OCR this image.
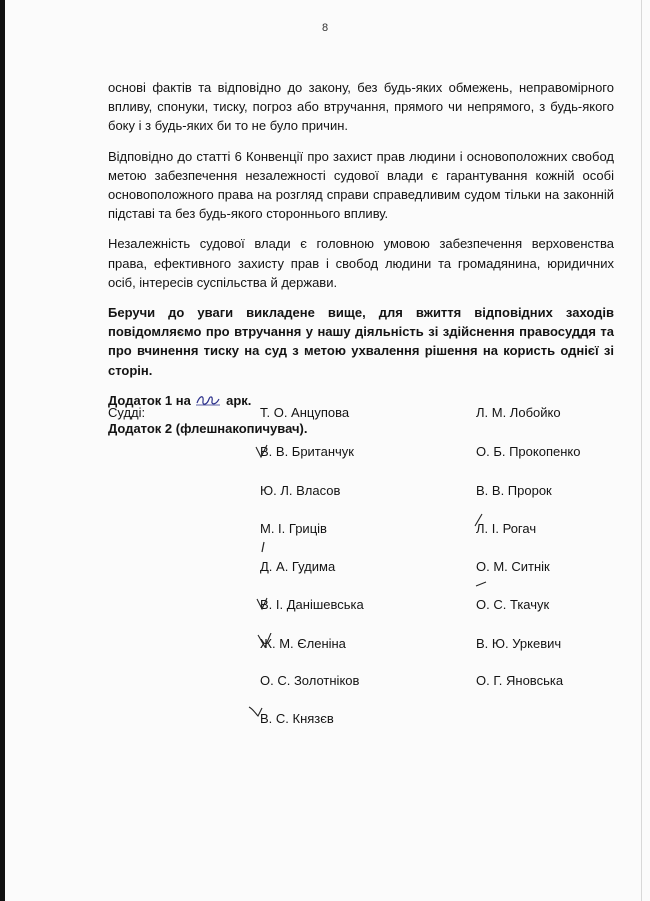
8

основі фактів та відповідно до закону, без будь-яких обмежень, неправомірного впливу, спонуки, тиску, погроз або втручання, прямого чи непрямого, з будь-якого боку і з будь-яких би то не було причин.

Відповідно до статті 6 Конвенції про захист прав людини і основоположних свобод метою забезпечення незалежності судової влади є гарантування кожній особі основоположного права на розгляд справи справедливим судом тільки на законній підставі та без будь-якого стороннього впливу.

Незалежність судової влади є головною умовою забезпечення верховенства права, ефективного захисту прав і свобод людини та громадянина, юридичних осіб, інтересів суспільства й держави.

Беручи до уваги викладене вище, для вжиття відповідних заходів повідомляємо про втручання у нашу діяльність зі здійснення правосуддя та про вчинення тиску на суд з метою ухвалення рішення на користь однієї зі сторін.

Додаток 1 на	арк.

Додаток 2 (флешнакопичувач).

Судді:	Т. О. Анцупова
В. В. Британчук
Ю. Л. Власов
М. І. Гриців
Д. А. Гудима
В. І. Данішевська
Ж. М. Єленіна
О. С. Золотніков
В. С. Князєв
Л. М. Лобойко
О. Б. Прокопенко
В. В. Пророк
Л. І. Рогач
О. М. Ситнік
О. С. Ткачук
В. Ю. Уркевич
О. Г. Яновська
